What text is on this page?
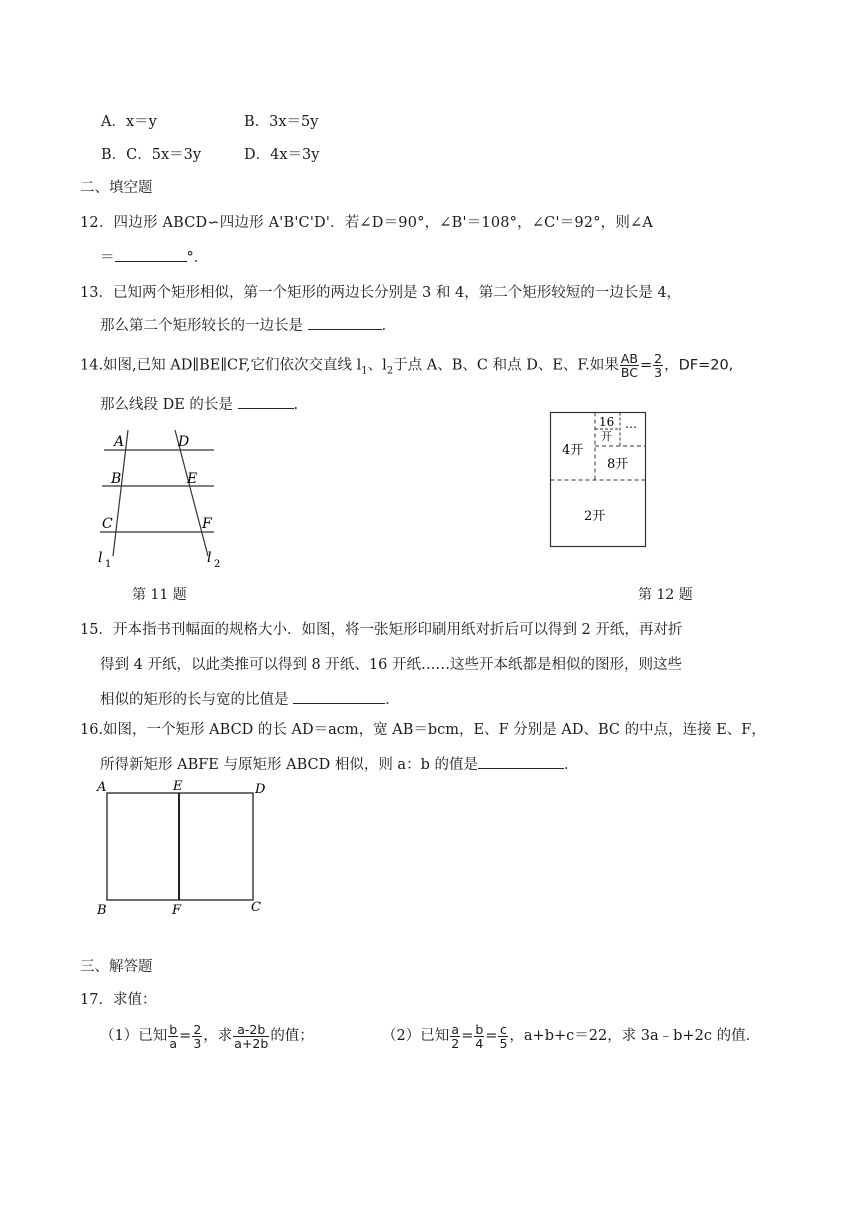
A．x＝y	B．3x＝5y
B．C．5x＝3y	D．4x＝3y
二、填空题
12．四边形 ABCD∽四边形 A'B'C'D'．若∠D＝90°，∠B'＝108°，∠C'＝92°，则∠A
＝	°．
13．已知两个矩形相似，第一个矩形的两边长分别是 3 和 4，第二个矩形较短的一边长是 4，
那么第二个矩形较长的一边长是	．
14.如图,已知 AD∥BE∥CF,它们依次交直线 $l_1$、$l_2$于点 A、B、C 和点 D、E、F.如果 $\frac{AB}{BC} = \frac{2}{3}$ ，DF=20,
那么线段 DE 的长是	.
A	D
B	E
C	F
l 1	l 2
16
开
…
4开
8开
2开
第 11 题	第 12 题
15．开本指书刊幅面的规格大小．如图，将一张矩形印刷用纸对折后可以得到 2 开纸，再对折
得到 4 开纸，以此类推可以得到 8 开纸、16 开纸……这些开本纸都是相似的图形，则这些
相似的矩形的长与宽的比值是	．
16.如图，一个矩形 ABCD 的长 AD＝acm，宽 AB＝bcm，E、F 分别是 AD、BC 的中点，连接 E、F，
所得新矩形 ABFE 与原矩形 ABCD 相似，则 a：b 的值是	．
A	E	D
B	F	C
三、解答题
17．求值：
（1）已知 $\frac{b}{a} = \frac{2}{3}$ ，求 $\frac{a-2b}{a+2b}$ 的值；	（2）已知 $\frac{a}{2} = \frac{b}{4} = \frac{c}{5}$ ，a+b+c＝22，求 3a﹣b+2c 的值．
